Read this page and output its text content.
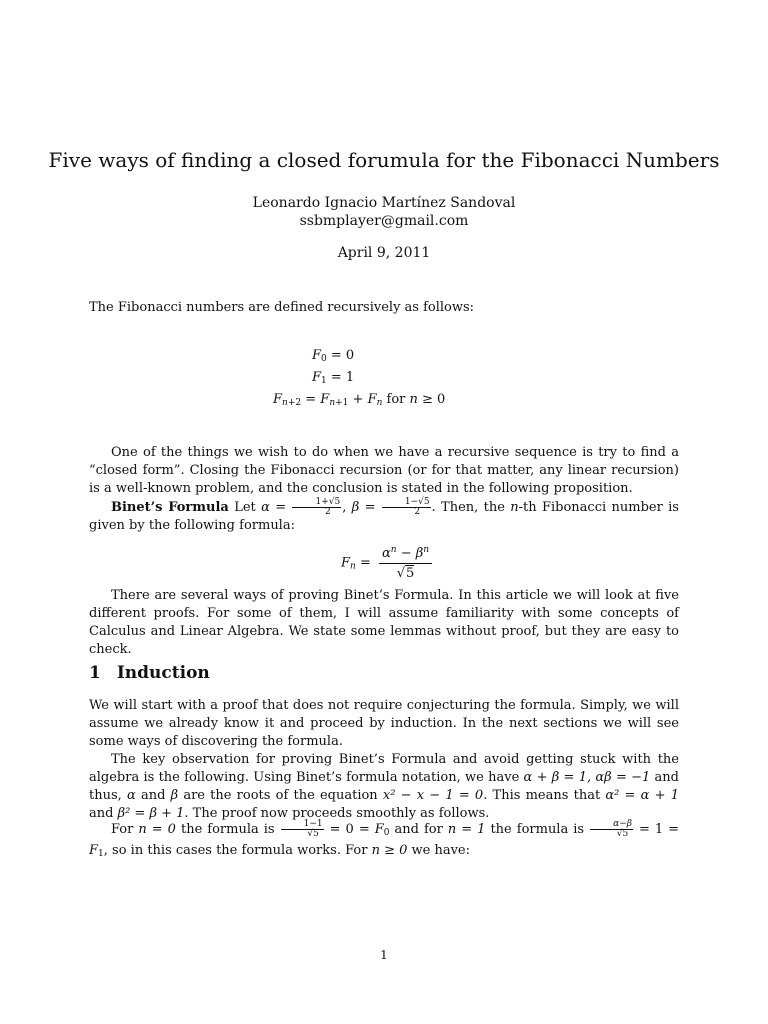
Five ways of finding a closed forumula for the Fibonacci Numbers
Leonardo Ignacio Martínez Sandoval
ssbmplayer@gmail.com
April 9, 2011
The Fibonacci numbers are defined recursively as follows:
$F_0 = 0$
$F_1 = 1$
$F_{n+2} = F_{n+1} + F_n$ for n ≥ 0
One of the things we wish to do when we have a recursive sequence is try to find a “closed form”. Closing the Fibonacci recursion (or for that matter, any linear recursion) is a well-known problem, and the conclusion is stated in the following proposition.
Binet’s Formula Let $\alpha = \frac{1+√5}{2}$ , $\beta = \frac{1-√5}{2}$ . Then, the n-th Fibonacci number is given by the following formula:
$F_n = \frac{\alpha^n - \beta^n}{√5}$
There are several ways of proving Binet’s Formula. In this article we will look at five different proofs. For some of them, I will assume familiarity with some concepts of Calculus and Linear Algebra. We state some lemmas without proof, but they are easy to check.
1 Induction
We will start with a proof that does not require conjecturing the formula. Simply, we will assume we already know it and proceed by induction. In the next sections we will see some ways of discovering the formula.
The key observation for proving Binet’s Formula and avoid getting stuck with the algebra is the following. Using Binet’s formula notation, we have α + β = 1, αβ = −1 and thus, α and β are the roots of the equation x² − x − 1 = 0. This means that α² = α + 1 and β² = β + 1. The proof now proceeds smoothly as follows.
For n = 0 the formula is $\frac{1-1}{√5} = 0 = F_0$ and for n = 1 the formula is $\frac{\alpha-\beta}{√5} = 1 = F_1$, so in this cases the formula works. For n ≥ 0 we have:
1
